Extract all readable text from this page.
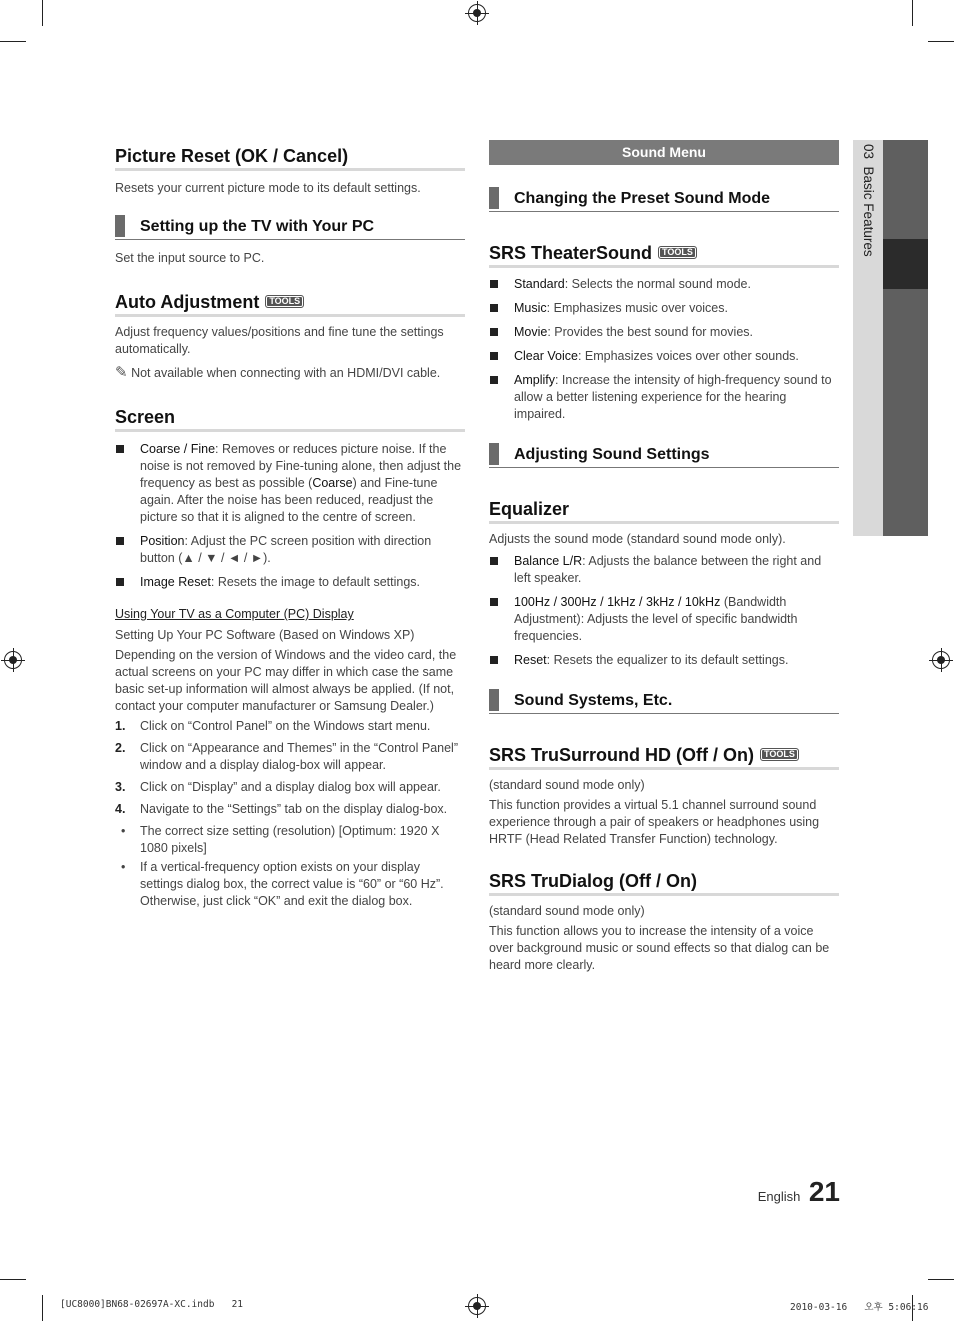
03  Basic Features
Picture Reset (OK / Cancel)

Resets your current picture mode to its default settings.

Setting up the TV with Your PC

Set the input source to PC.

Auto Adjustment TOOLS

Adjust frequency values/positions and fine tune the settings automatically.

✎ Not available when connecting with an HDMI/DVI cable.

Screen

Coarse / Fine: Removes or reduces picture noise. If the noise is not removed by Fine-tuning alone, then adjust the frequency as best as possible (Coarse) and Fine-tune again. After the noise has been reduced, readjust the picture so that it is aligned to the centre of screen.

Position: Adjust the PC screen position with direction button (▲ / ▼ / ◄ / ►).

Image Reset: Resets the image to default settings.

Using Your TV as a Computer (PC) Display

Setting Up Your PC Software (Based on Windows XP)

Depending on the version of Windows and the video card, the actual screens on your PC may differ in which case the same basic set-up information will almost always be applied. (If not, contact your computer manufacturer or Samsung Dealer.)

1. Click on “Control Panel” on the Windows start menu.

2. Click on “Appearance and Themes” in the “Control Panel” window and a display dialog-box will appear.

3. Click on “Display” and a display dialog box will appear.

4. Navigate to the “Settings” tab on the display dialog-box.

• The correct size setting (resolution) [Optimum: 1920 X 1080 pixels]

• If a vertical-frequency option exists on your display settings dialog box, the correct value is “60” or “60 Hz”. Otherwise, just click “OK” and exit the dialog box.

Sound Menu
Changing the Preset Sound Mode
SRS TheaterSound TOOLS

Standard: Selects the normal sound mode.

Music: Emphasizes music over voices.

Movie: Provides the best sound for movies.

Clear Voice: Emphasizes voices over other sounds.

Amplify: Increase the intensity of high-frequency sound to allow a better listening experience for the hearing impaired.

Adjusting Sound Settings
Equalizer

Adjusts the sound mode (standard sound mode only).

Balance L/R: Adjusts the balance between the right and left speaker.

100Hz / 300Hz / 1kHz / 3kHz / 10kHz (Bandwidth Adjustment): Adjusts the level of specific bandwidth frequencies.

Reset: Resets the equalizer to its default settings.

Sound Systems, Etc.
SRS TruSurround HD (Off / On) TOOLS

(standard sound mode only)

This function provides a virtual 5.1 channel surround sound experience through a pair of speakers or headphones using HRTF (Head Related Transfer Function) technology.

SRS TruDialog (Off / On)

(standard sound mode only)

This function allows you to increase the intensity of a voice over background music or sound effects so that dialog can be heard more clearly.

English 21
[UC8000]BN68-02697A-XC.indb   21	2010-03-16   오후 5:06:16
